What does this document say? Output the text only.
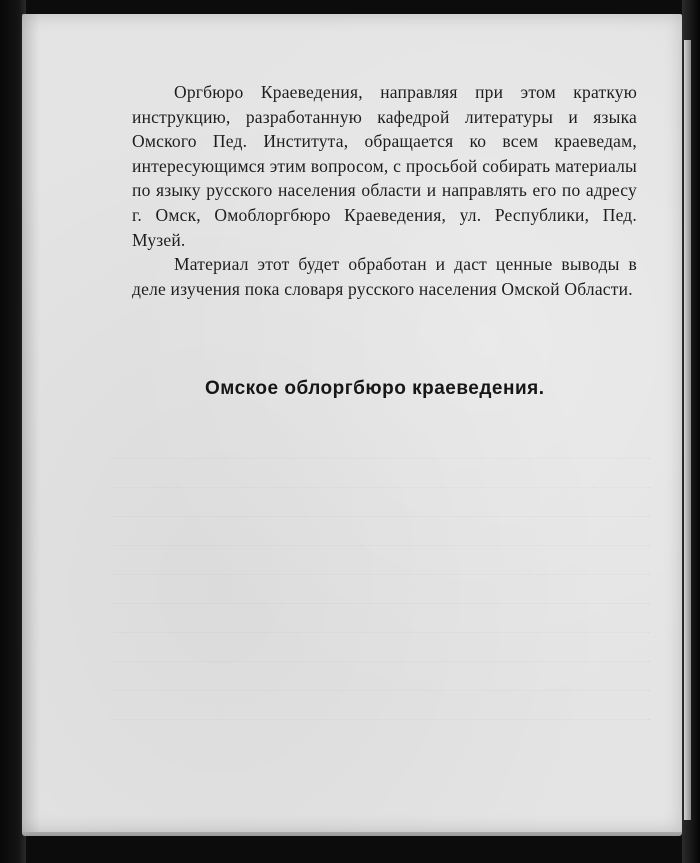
Оргбюро Краеведения, направляя при этом краткую инструкцию, разработанную кафедрой литературы и языка Омского Пед. Института, обращается ко всем краеведам, интересующимся этим вопросом, с просьбой собирать материалы по языку русского населения области и направлять его по адресу г. Омск, Омоблоргбюро Краеведения, ул. Республики, Пед. Музей.

Материал этот будет обработан и даст ценные выводы в деле изучения пока словаря русского населения Омской Области.

Омское облоргбюро краеведения.
